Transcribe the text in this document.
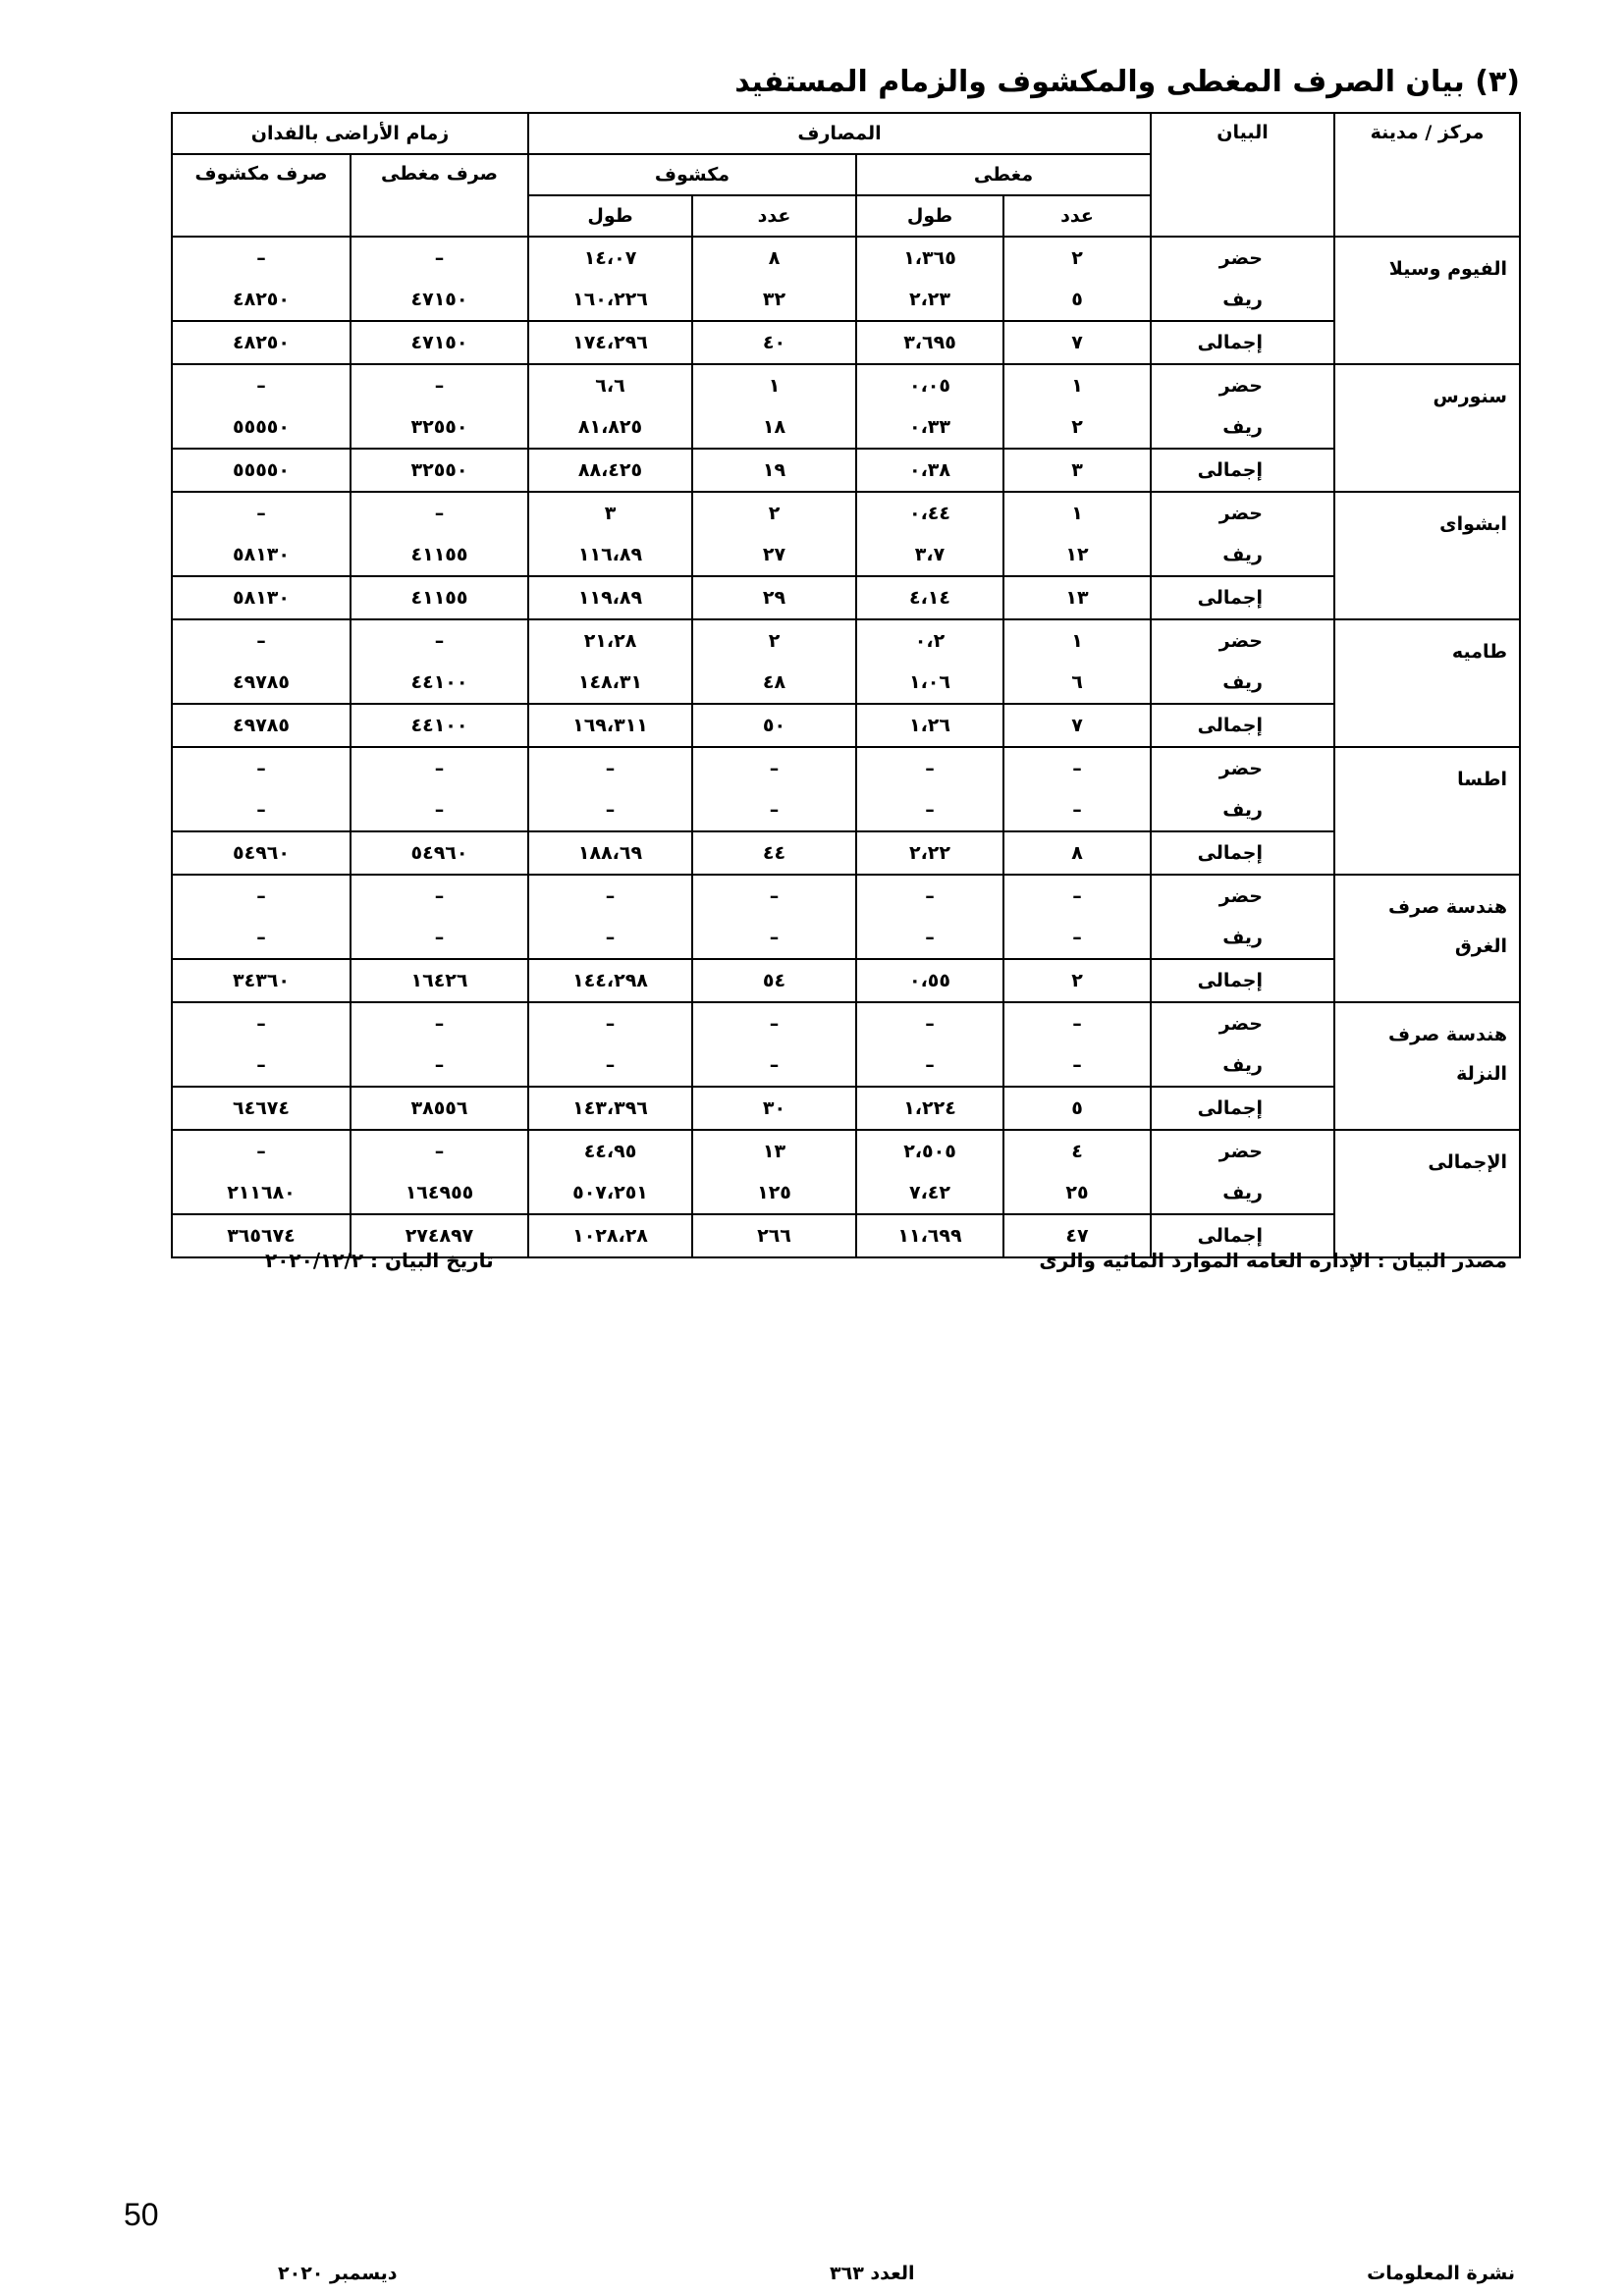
(٣) بيان الصرف المغطى والمكشوف والزمام المستفيد
مركز / مدينة	البيان	المصارف				زمام الأراضى بالفدان	
		مغطى		مكشوف		صرف مغطى	صرف مكشوف
		عدد	طول	عدد	طول		
الفيوم وسيلا	حضر	٢	١،٣٦٥	٨	١٤،٠٧	–	–
	ريف	٥	٢،٢٣	٣٢	١٦٠،٢٢٦	٤٧١٥٠	٤٨٢٥٠
	إجمالى	٧	٣،٦٩٥	٤٠	١٧٤،٢٩٦	٤٧١٥٠	٤٨٢٥٠
سنورس	حضر	١	٠،٠٥	١	٦،٦	–	–
	ريف	٢	٠،٣٣	١٨	٨١،٨٢٥	٣٢٥٥٠	٥٥٥٥٠
	إجمالى	٣	٠،٣٨	١٩	٨٨،٤٢٥	٣٢٥٥٠	٥٥٥٥٠
ابشواى	حضر	١	٠،٤٤	٢	٣	–	–
	ريف	١٢	٣،٧	٢٧	١١٦،٨٩	٤١١٥٥	٥٨١٣٠
	إجمالى	١٣	٤،١٤	٢٩	١١٩،٨٩	٤١١٥٥	٥٨١٣٠
طاميه	حضر	١	٠،٢	٢	٢١،٢٨	–	–
	ريف	٦	١،٠٦	٤٨	١٤٨،٣١	٤٤١٠٠	٤٩٧٨٥
	إجمالى	٧	١،٢٦	٥٠	١٦٩،٣١١	٤٤١٠٠	٤٩٧٨٥
اطسا	حضر	–	–	–	–	–	–
	ريف	–	–	–	–	–	–
	إجمالى	٨	٢،٢٢	٤٤	١٨٨،٦٩	٥٤٩٦٠	٥٤٩٦٠
هندسة صرف الغرق	حضر	–	–	–	–	–	–
	ريف	–	–	–	–	–	–
	إجمالى	٢	٠،٥٥	٥٤	١٤٤،٢٩٨	١٦٤٢٦	٣٤٣٦٠
هندسة صرف النزلة	حضر	–	–	–	–	–	–
	ريف	–	–	–	–	–	–
	إجمالى	٥	١،٢٢٤	٣٠	١٤٣،٣٩٦	٣٨٥٥٦	٦٤٦٧٤
الإجمالى	حضر	٤	٢،٥٠٥	١٣	٤٤،٩٥	–	–
	ريف	٢٥	٧،٤٢	١٢٥	٥٠٧،٢٥١	١٦٤٩٥٥	٢١١٦٨٠
	إجمالى	٤٧	١١،٦٩٩	٢٦٦	١٠٢٨،٢٨	٢٧٤٨٩٧	٣٦٥٦٧٤
مصدر البيان : الإدارة العامة الموارد المائية والرى
تاريخ البيان : ٢٠٢٠/١٢/٢
50
نشرة المعلومات
العدد ٣٦٣
ديسمبر ٢٠٢٠
